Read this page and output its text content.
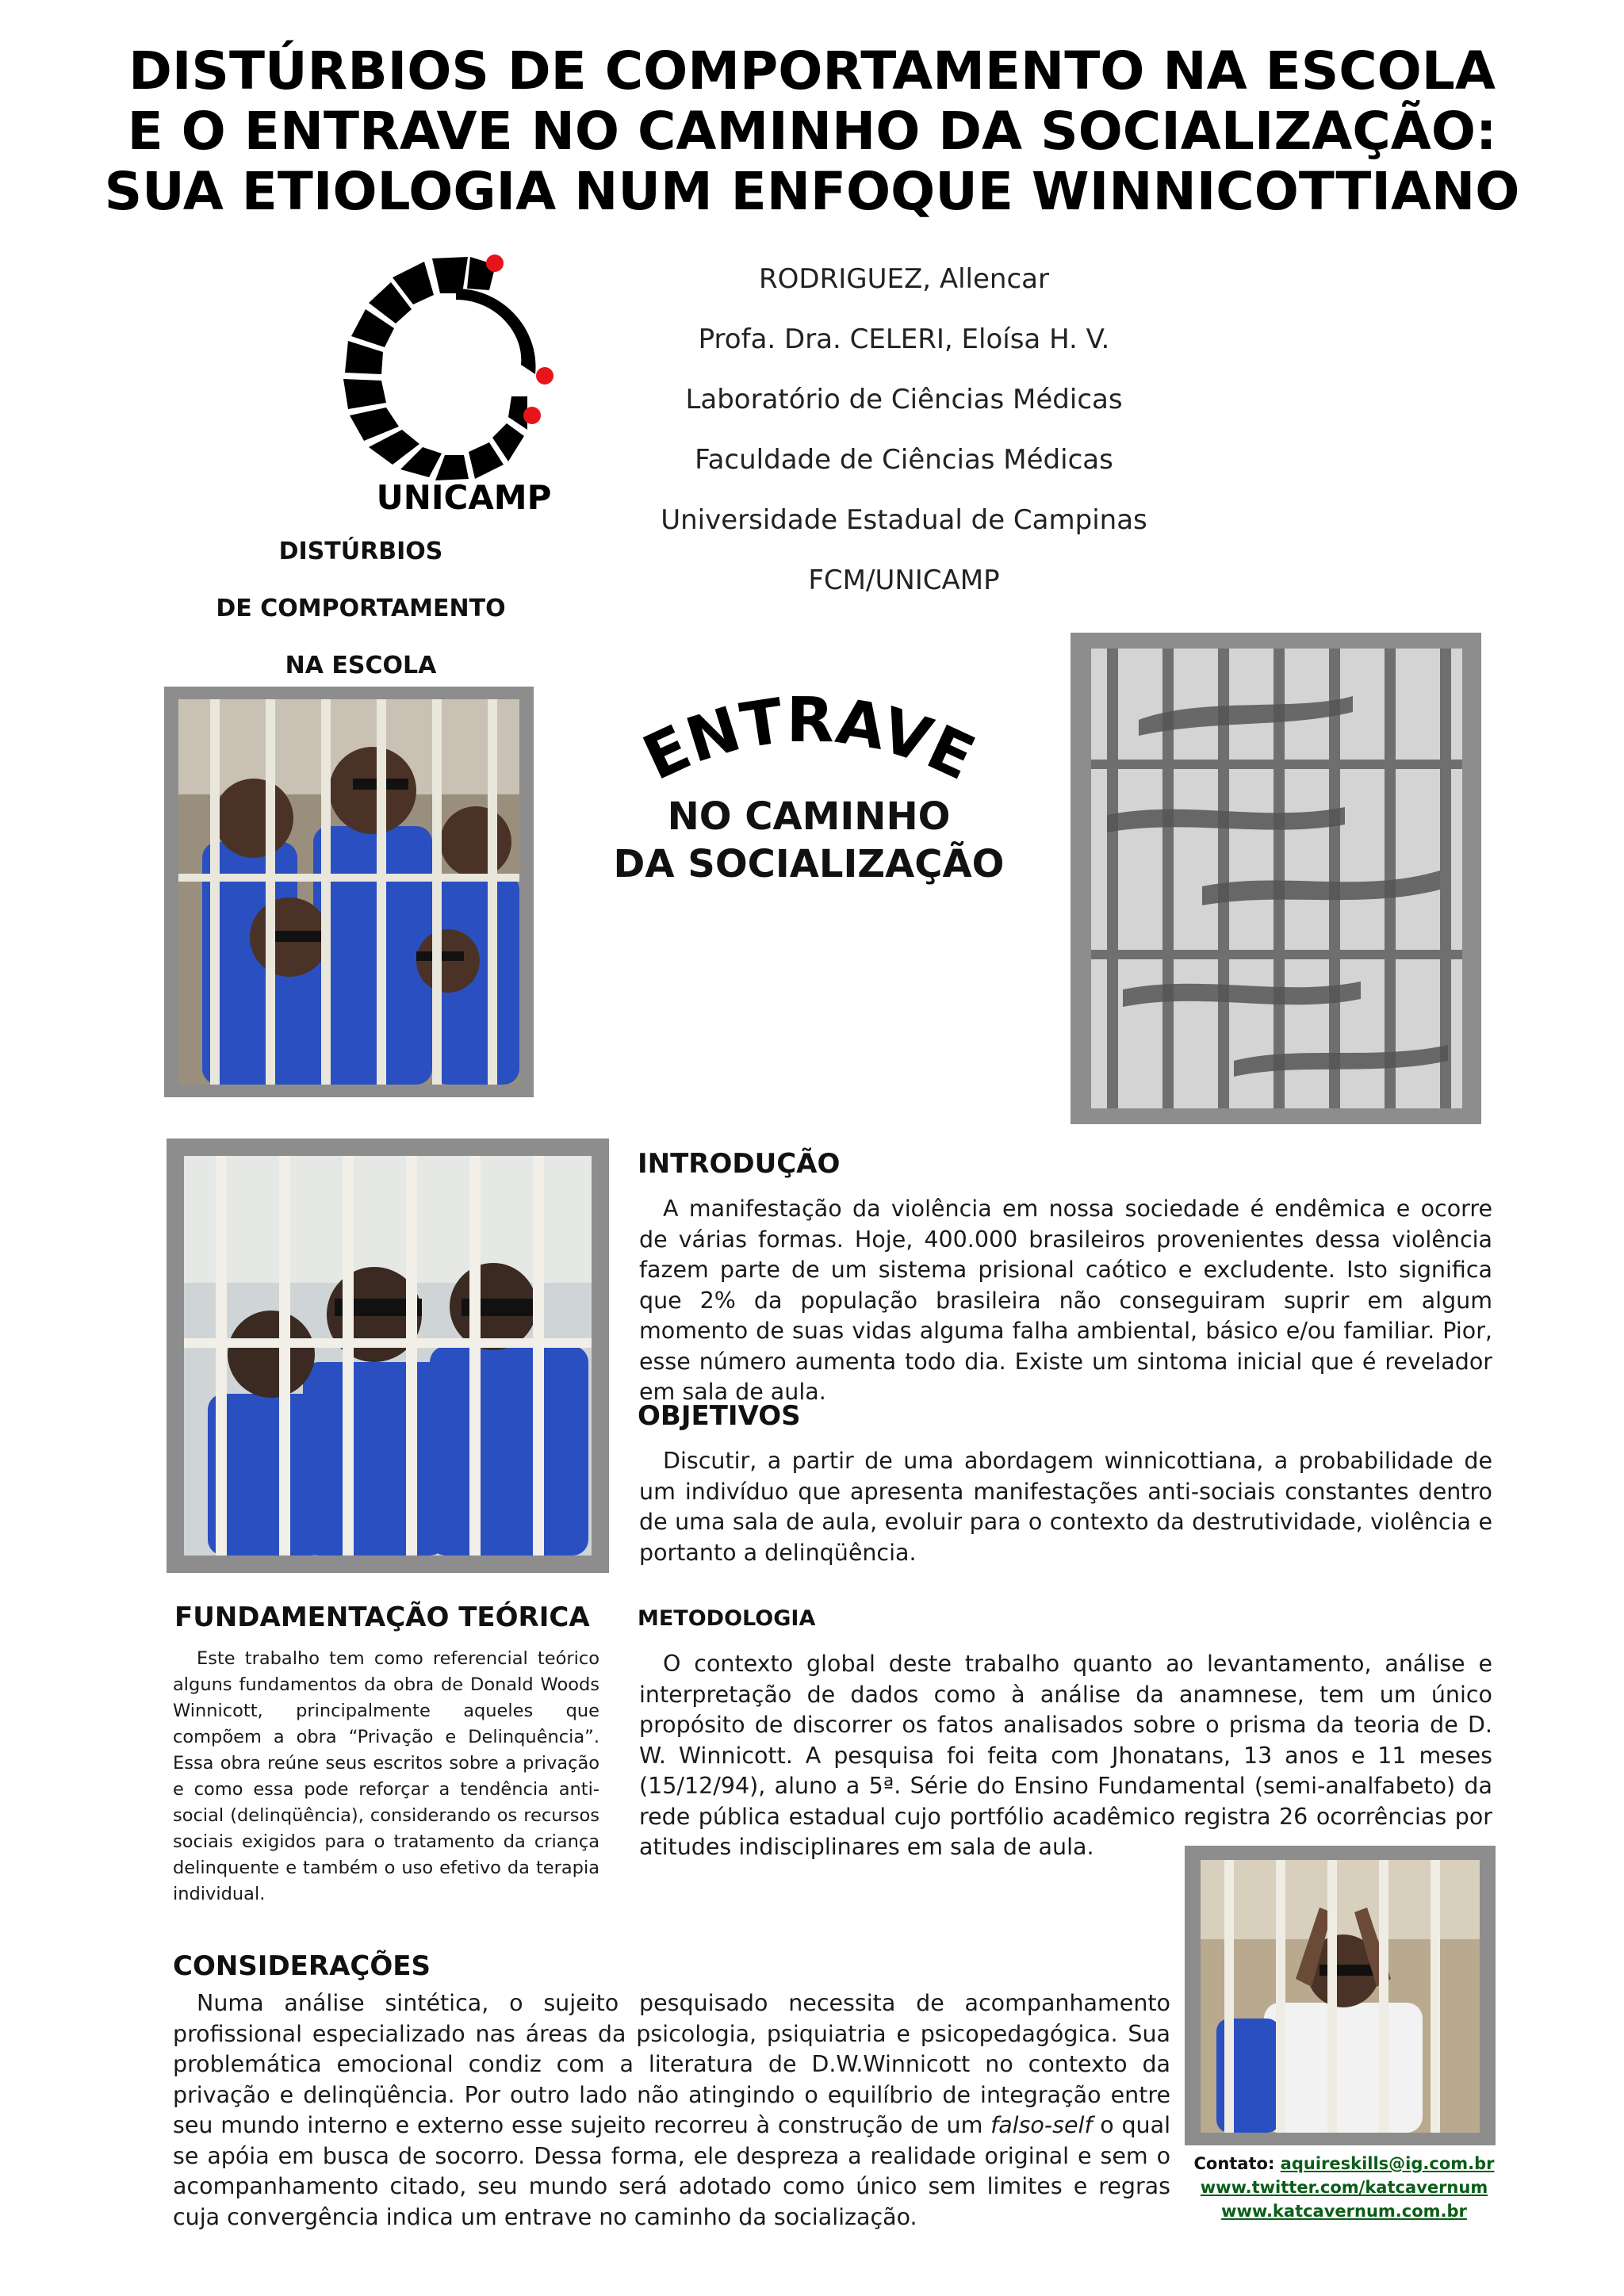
DISTÚRBIOS DE COMPORTAMENTO NA ESCOLA
E O ENTRAVE NO CAMINHO DA SOCIALIZAÇÃO:
SUA ETIOLOGIA NUM ENFOQUE WINNICOTTIANO
UNICAMP
RODRIGUEZ, Allencar
Profa. Dra. CELERI, Eloísa H. V.
Laboratório de Ciências Médicas
Faculdade de Ciências Médicas
Universidade Estadual de Campinas
FCM/UNICAMP
DISTÚRBIOS
DE COMPORTAMENTO
NA ESCOLA
ENTRAVE
NO CAMINHO
DA SOCIALIZAÇÃO
INTRODUÇÃO
A manifestação da violência em nossa sociedade é endêmica e ocorre de várias formas. Hoje, 400.000 brasileiros provenientes dessa violência fazem parte de um sistema prisional caótico e excludente. Isto significa que 2% da população brasileira não conseguiram suprir em algum momento de suas vidas alguma falha ambiental, básico e/ou familiar. Pior, esse número aumenta todo dia. Existe um sintoma inicial que é revelador em sala de aula.
OBJETIVOS
Discutir, a partir de uma abordagem winnicottiana, a probabilidade de um indivíduo que apresenta manifestações anti-sociais constantes dentro de uma sala de aula, evoluir para o contexto da destrutividade, violência e portanto a delinqüência.
FUNDAMENTAÇÃO TEÓRICA
Este trabalho tem como referencial teórico alguns fundamentos da obra de Donald Woods Winnicott, principalmente aqueles que compõem a obra “Privação e Delinquência”. Essa obra reúne seus escritos sobre a privação e como essa pode reforçar a tendência anti-social (delinqüência), considerando os recursos sociais exigidos para o tratamento da criança delinquente e também o uso efetivo da terapia individual.
METODOLOGIA
O contexto global deste trabalho quanto ao levantamento, análise e interpretação de dados como à análise da anamnese, tem um único propósito de discorrer os fatos analisados sobre o prisma da teoria de D. W. Winnicott. A pesquisa foi feita com Jhonatans, 13 anos e 11 meses (15/12/94), aluno a 5ª. Série do Ensino Fundamental (semi-analfabeto) da rede pública estadual cujo portfólio acadêmico registra 26 ocorrências por atitudes indisciplinares em sala de aula.
CONSIDERAÇÕES
Numa análise sintética, o sujeito pesquisado necessita de acompanhamento profissional especializado nas áreas da psicologia, psiquiatria e psicopedagógica. Sua problemática emocional condiz com a literatura de D.W.Winnicott no contexto da privação e delinqüência. Por outro lado não atingindo o equilíbrio de integração entre seu mundo interno e externo esse sujeito recorreu à construção de um falso-self o qual se apóia em busca de socorro. Dessa forma, ele despreza a realidade original e sem o acompanhamento citado, seu mundo será adotado como único sem limites e regras cuja convergência indica um entrave no caminho da socialização.
Contato: aquireskills@ig.com.br
www.twitter.com/katcavernum
www.katcavernum.com.br
